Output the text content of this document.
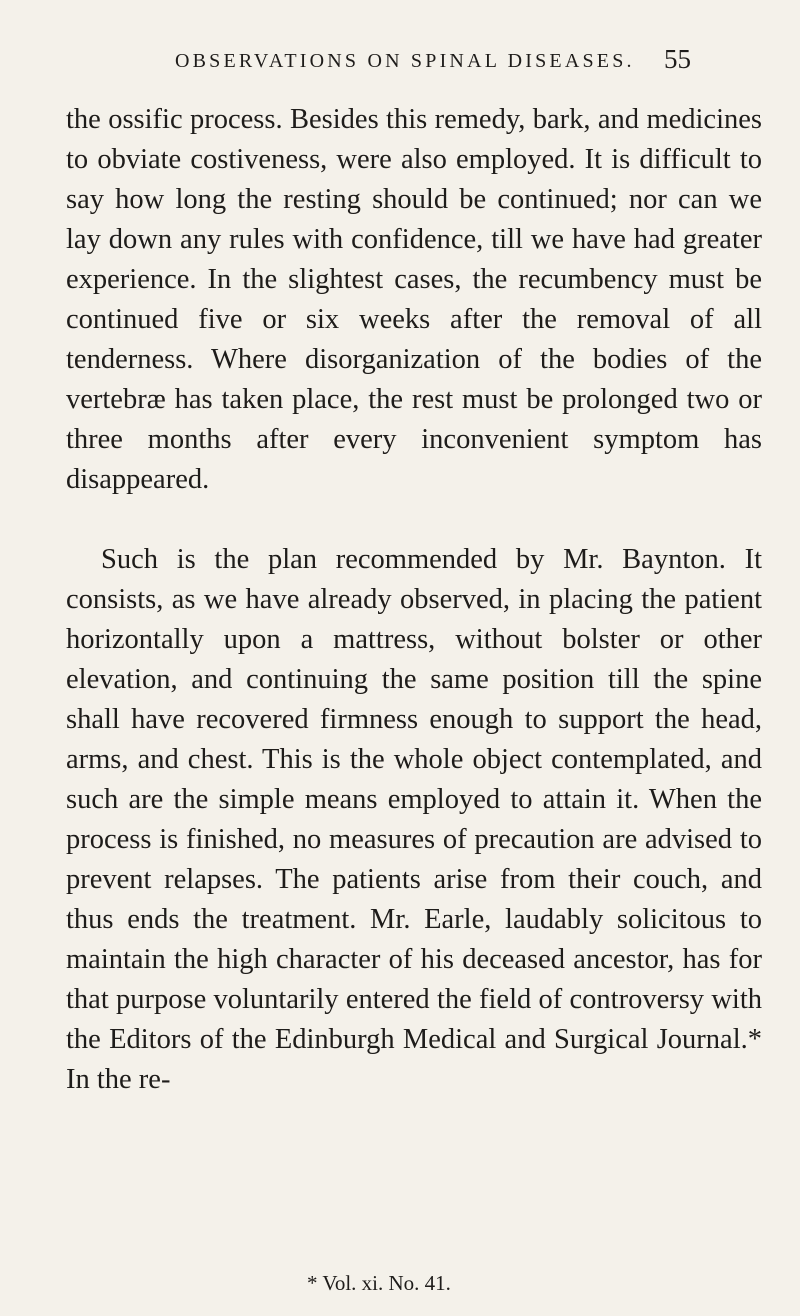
OBSERVATIONS ON SPINAL DISEASES. 55

the ossific process. Besides this remedy, bark, and medicines to obviate costiveness, were also employed. It is difficult to say how long the resting should be continued; nor can we lay down any rules with confidence, till we have had greater experience. In the slightest cases, the recumbency must be continued five or six weeks after the removal of all tenderness. Where disorganization of the bodies of the vertebræ has taken place, the rest must be prolonged two or three months after every inconvenient symptom has disappeared.

Such is the plan recommended by Mr. Baynton. It consists, as we have already observed, in placing the patient horizontally upon a mattress, without bolster or other elevation, and continuing the same position till the spine shall have recovered firmness enough to support the head, arms, and chest. This is the whole object contemplated, and such are the simple means employed to attain it. When the process is finished, no measures of precaution are advised to prevent relapses. The patients arise from their couch, and thus ends the treatment. Mr. Earle, laudably solicitous to maintain the high character of his deceased ancestor, has for that purpose voluntarily entered the field of controversy with the Editors of the Edinburgh Medical and Surgical Journal.* In the re-

* Vol. xi. No. 41.
